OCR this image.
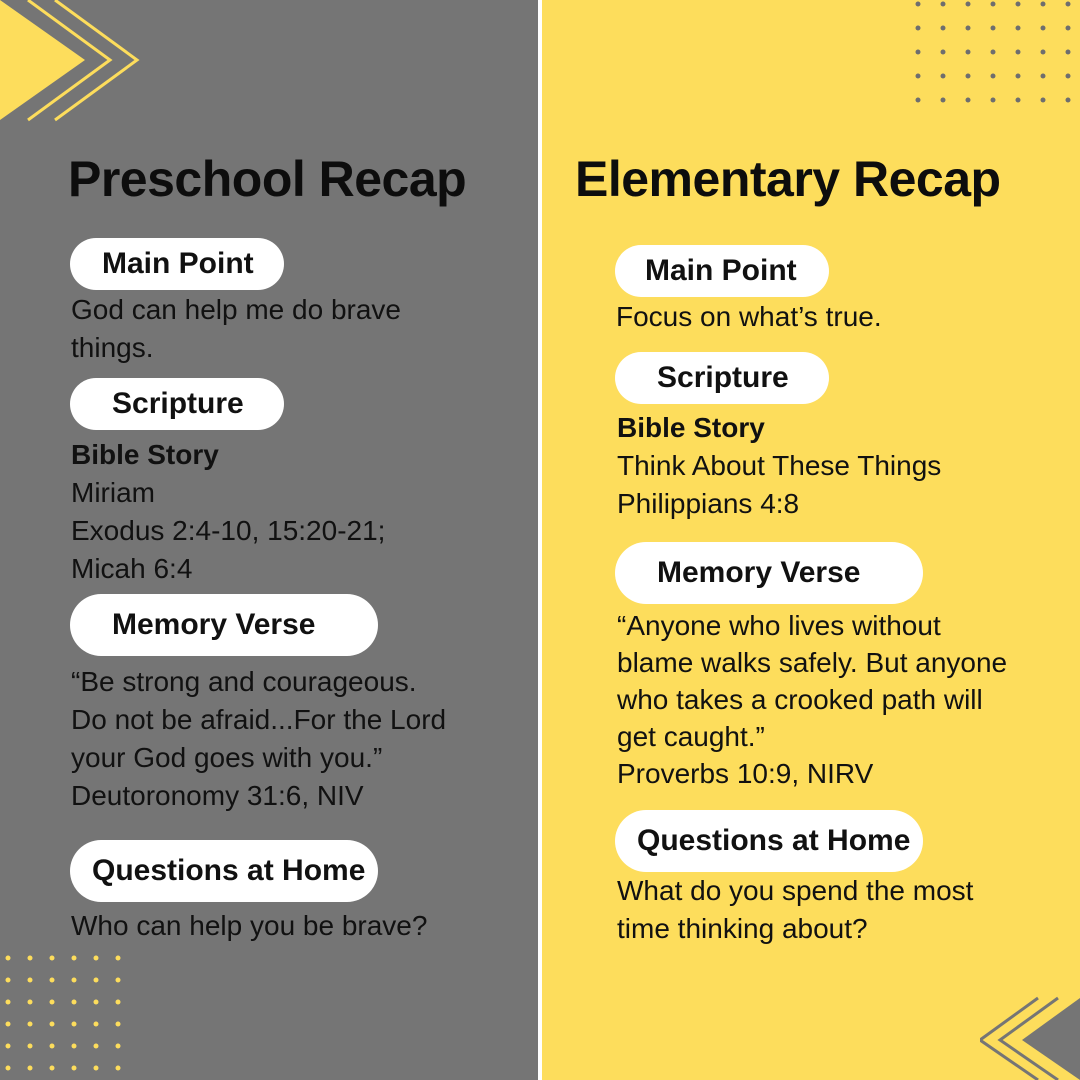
Preschool Recap
Main Point
God can help me do brave
things.
Scripture
Bible Story
Miriam
Exodus 2:4-10, 15:20-21;
Micah 6:4
Memory Verse
“Be strong and courageous.
Do not be afraid...For the Lord
your God goes with you.”
Deutoronomy 31:6, NIV
Questions at Home
Who can help you be brave?
Elementary Recap
Main Point
Focus on what’s true.
Scripture
Bible Story
Think About These Things
Philippians 4:8
Memory Verse
“Anyone who lives without
blame walks safely. But anyone
who takes a crooked path will
get caught.”
Proverbs 10:9, NIRV
Questions at Home
What do you spend the most
time thinking about?
